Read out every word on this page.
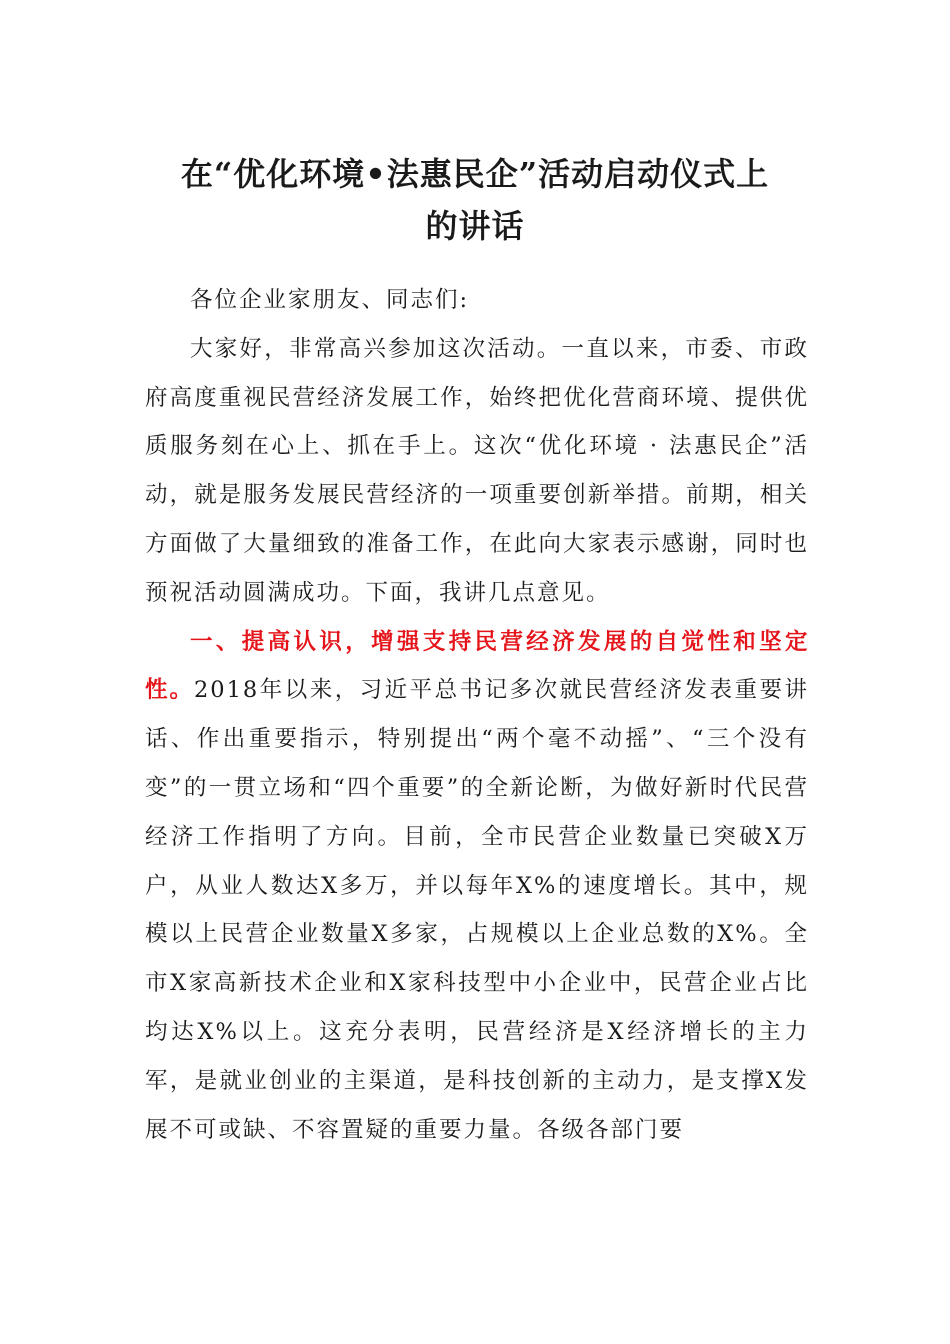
在“优化环境•法惠民企”活动启动仪式上
的讲话

各位企业家朋友、同志们:

大家好，非常高兴参加这次活动。一直以来，市委、市政府高度重视民营经济发展工作，始终把优化营商环境、提供优质服务刻在心上、抓在手上。这次“优化环境 · 法惠民企”活动，就是服务发展民营经济的一项重要创新举措。前期，相关方面做了大量细致的准备工作，在此向大家表示感谢，同时也预祝活动圆满成功。下面，我讲几点意见。

一、提高认识，增强支持民营经济发展的自觉性和坚定性。2018年以来，习近平总书记多次就民营经济发表重要讲话、作出重要指示，特别提出“两个毫不动摇”、“三个没有变”的一贯立场和“四个重要”的全新论断，为做好新时代民营经济工作指明了方向。目前，全市民营企业数量已突破X万户，从业人数达X多万，并以每年X%的速度增长。其中，规模以上民营企业数量X多家，占规模以上企业总数的X%。全市X家高新技术企业和X家科技型中小企业中，民营企业占比均达X%以上。这充分表明，民营经济是X经济增长的主力军，是就业创业的主渠道，是科技创新的主动力，是支撑X发展不可或缺、不容置疑的重要力量。各级各部门要
